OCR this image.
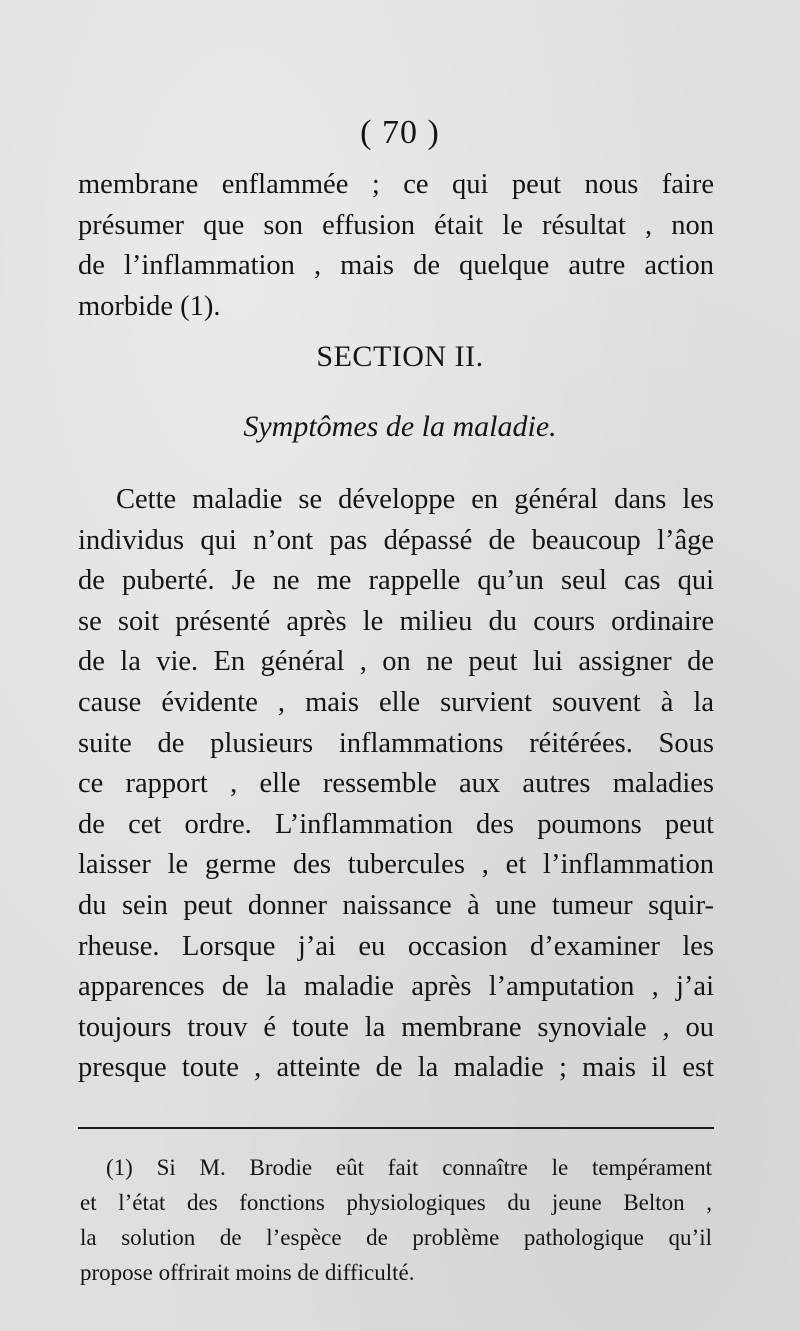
( 70 )
membrane enflammée ; ce qui peut nous faire
présumer que son effusion était le résultat , non
de l’inflammation , mais de quelque autre action
morbide (1).
SECTION II.
Symptômes de la maladie.
Cette maladie se développe en général dans les
individus qui n’ont pas dépassé de beaucoup l’âge
de puberté. Je ne me rappelle qu’un seul cas qui
se soit présenté après le milieu du cours ordinaire
de la vie. En général , on ne peut lui assigner de
cause évidente , mais elle survient souvent à la
suite de plusieurs inflammations réitérées. Sous
ce rapport , elle ressemble aux autres maladies
de cet ordre. L’inflammation des poumons peut
laisser le germe des tubercules , et l’inflammation
du sein peut donner naissance à une tumeur squir-
rheuse. Lorsque j’ai eu occasion d’examiner les
apparences de la maladie après l’amputation , j’ai
toujours trouv é toute la membrane synoviale , ou
presque toute , atteinte de la maladie ; mais il est
(1) Si M. Brodie eût fait connaître le tempérament
et l’état des fonctions physiologiques du jeune Belton ,
la solution de l’espèce de problème pathologique qu’il
propose offrirait moins de difficulté.
